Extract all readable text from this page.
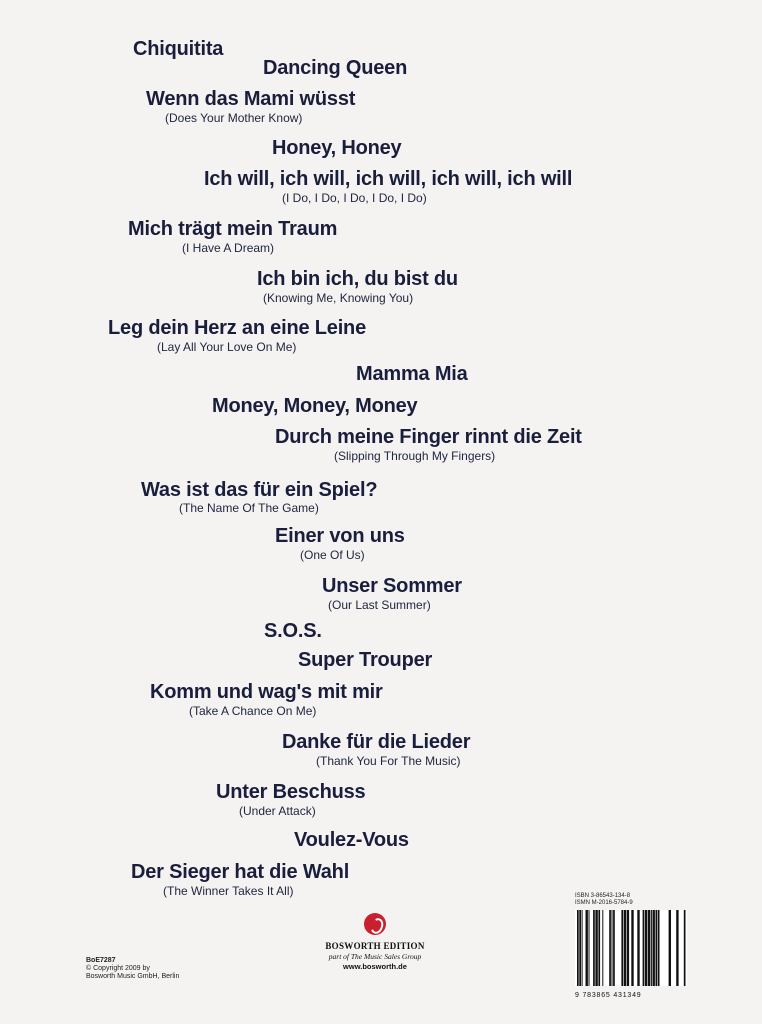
Chiquitita
Dancing Queen
Wenn das Mami wüsst
(Does Your Mother Know)
Honey, Honey
Ich will, ich will, ich will, ich will, ich will
(I Do, I Do, I Do, I Do, I Do)
Mich trägt mein Traum
(I Have A Dream)
Ich bin ich, du bist du
(Knowing Me, Knowing You)
Leg dein Herz an eine Leine
(Lay All Your Love On Me)
Mamma Mia
Money, Money, Money
Durch meine Finger rinnt die Zeit
(Slipping Through My Fingers)
Was ist das für ein Spiel?
(The Name Of The Game)
Einer von uns
(One Of Us)
Unser Sommer
(Our Last Summer)
S.O.S.
Super Trouper
Komm und wag's mit mir
(Take A Chance On Me)
Danke für die Lieder
(Thank You For The Music)
Unter Beschuss
(Under Attack)
Voulez-Vous
Der Sieger hat die Wahl
(The Winner Takes It All)
BoE7287
© Copyright 2009 by
Bosworth Music GmbH, Berlin
BOSWORTH EDITION
part of The Music Sales Group
www.bosworth.de
ISBN 3-86543-134-8
ISMN M-2016-5784-9
9 783865 431349
